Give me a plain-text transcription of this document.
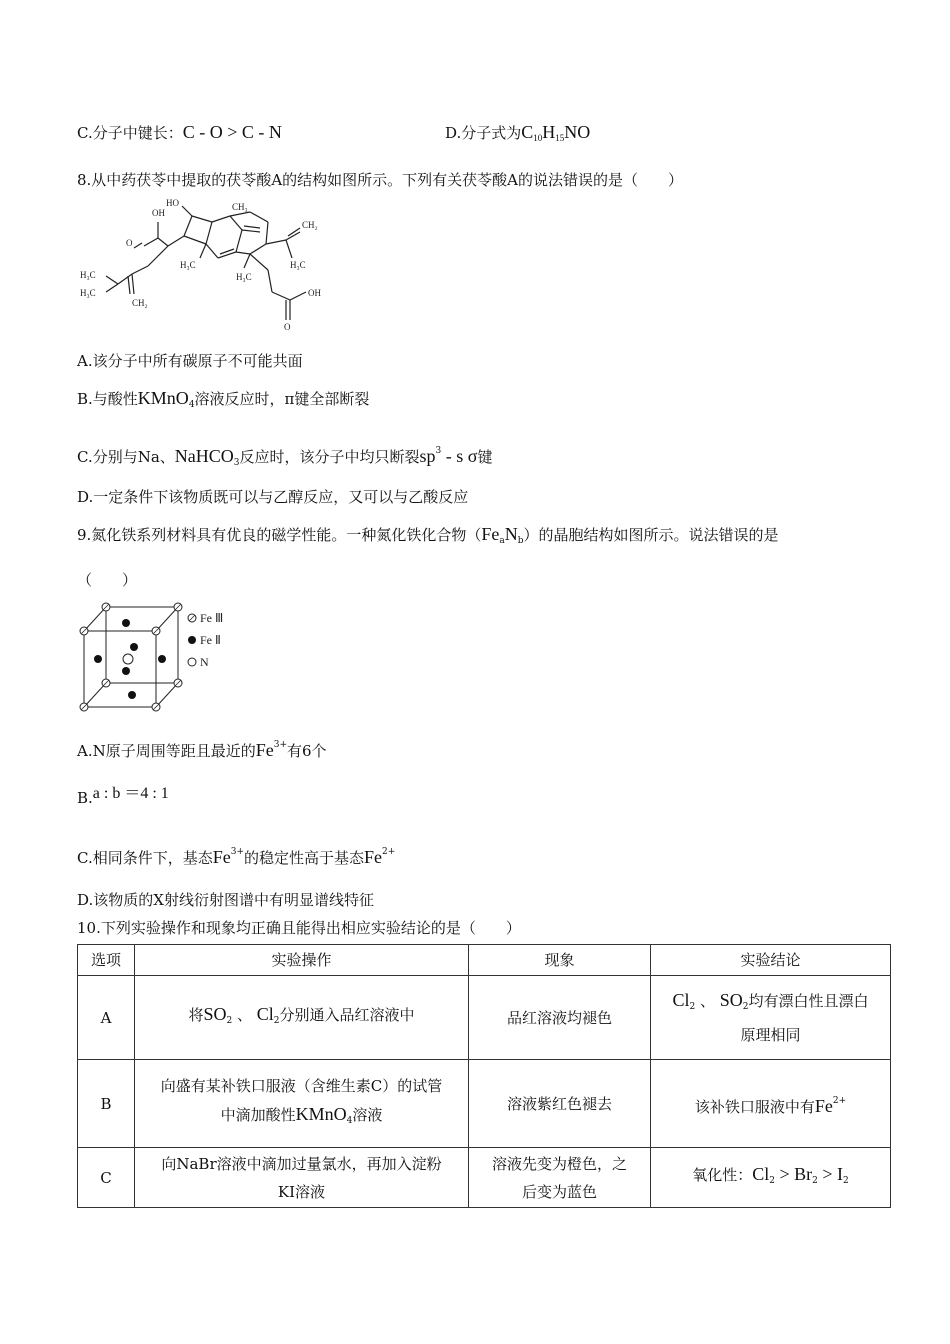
C.分子中键长：C - O > C - N	D.分子式为$C_{10}H_{15}NO$
8.从中药茯苓中提取的茯苓酸A的结构如图所示。下列有关茯苓酸A的说法错误的是（　　）
OH
HO	CH₃
CH₂
O
H₃C
H₃C
H₃C
H₃C
H₃C
CH₂
OH
O
A.该分子中所有碳原子不可能共面
B.与酸性KMnO$_4$溶液反应时，π键全部断裂
C.分别与Na、NaHCO$_3$反应时，该分子中均只断裂$sp^3$ - s σ键
D.一定条件下该物质既可以与乙醇反应，又可以与乙酸反应
9.氮化铁系列材料具有优良的磁学性能。一种氮化铁化合物$(Fe_aN_b)$的晶胞结构如图所示。说法错误的是
（　　）
Fe Ⅲ
Fe Ⅱ
N
A.N原子周围等距且最近的$Fe^{3+}$有6个
B.a : b ＝4 : 1
C.相同条件下，基态$Fe^{3+}$的稳定性高于基态$Fe^{2+}$
D.该物质的X射线衍射图谱中有明显谱线特征
10.下列实验操作和现象均正确且能得出相应实验结论的是（　　）
选项	实验操作	现象	实验结论
A	将$SO_2$ 、 $Cl_2$分别通入品红溶液中	品红溶液均褪色	$Cl_2$ 、 $SO_2$均有漂白性且漂白
原理相同
B	向盛有某补铁口服液（含维生素C）的试管
中滴加酸性KMnO$_4$溶液	溶液紫红色褪去	该补铁口服液中有$Fe^{2+}$
C	向NaBr溶液中滴加过量氯水，再加入淀粉
KI溶液	溶液先变为橙色，之
后变为蓝色	氧化性：$Cl_2 > Br_2 > I_2$
